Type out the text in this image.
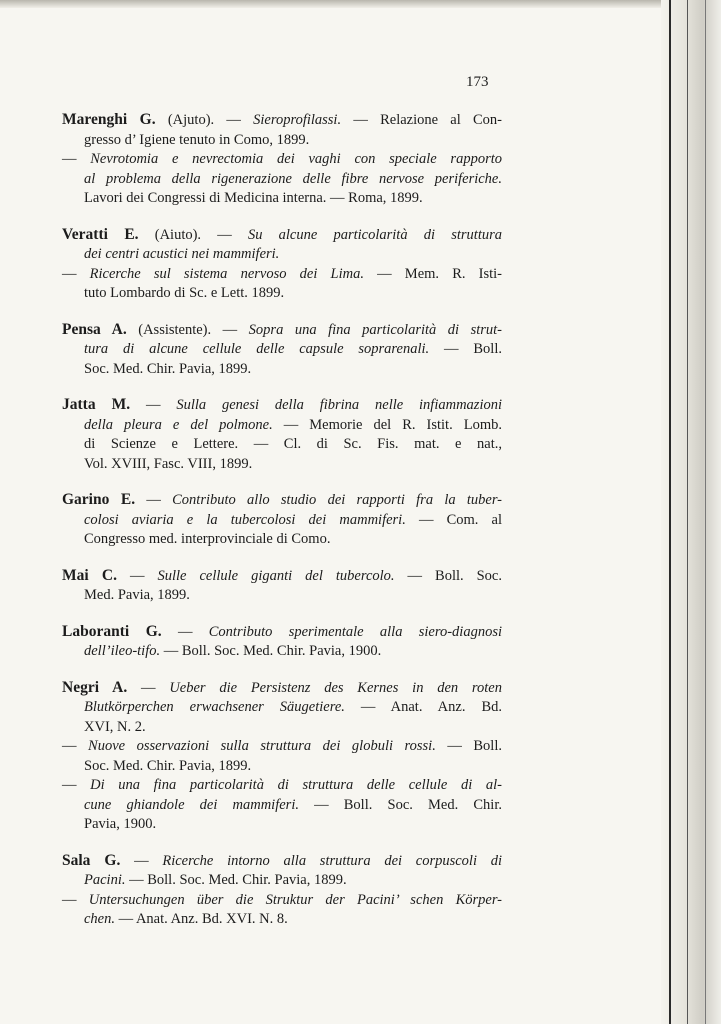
173
Marenghi G. (Ajuto). — Sieroprofilassi. — Relazione al Con-
gresso d’ Igiene tenuto in Como, 1899.
— Nevrotomia e nevrectomia dei vaghi con speciale rapporto
al problema della rigenerazione delle fibre nervose periferiche.
Lavori dei Congressi di Medicina interna. — Roma, 1899.
Veratti E. (Aiuto). — Su alcune particolarità di struttura
dei centri acustici nei mammiferi.
— Ricerche sul sistema nervoso dei Lima. — Mem. R. Isti-
tuto Lombardo di Sc. e Lett. 1899.
Pensa A. (Assistente). — Sopra una fina particolarità di strut-
tura di alcune cellule delle capsule soprarenali. — Boll.
Soc. Med. Chir. Pavia, 1899.
Jatta M. — Sulla genesi della fibrina nelle infiammazioni
della pleura e del polmone. — Memorie del R. Istit. Lomb.
di Scienze e Lettere. — Cl. di Sc. Fis. mat. e nat.,
Vol. XVIII, Fasc. VIII, 1899.
Garino E. — Contributo allo studio dei rapporti fra la tuber-
colosi aviaria e la tubercolosi dei mammiferi. — Com. al
Congresso med. interprovinciale di Como.
Mai C. — Sulle cellule giganti del tubercolo. — Boll. Soc.
Med. Pavia, 1899.
Laboranti G. — Contributo sperimentale alla siero-diagnosi
dell’ileo-tifo. — Boll. Soc. Med. Chir. Pavia, 1900.
Negri A. — Ueber die Persistenz des Kernes in den roten
Blutkörperchen erwachsener Säugetiere. — Anat. Anz. Bd.
XVI, N. 2.
— Nuove osservazioni sulla struttura dei globuli rossi. — Boll.
Soc. Med. Chir. Pavia, 1899.
— Di una fina particolarità di struttura delle cellule di al-
cune ghiandole dei mammiferi. — Boll. Soc. Med. Chir.
Pavia, 1900.
Sala G. — Ricerche intorno alla struttura dei corpuscoli di
Pacini. — Boll. Soc. Med. Chir. Pavia, 1899.
— Untersuchungen über die Struktur der Pacini’ schen Körper-
chen. — Anat. Anz. Bd. XVI. N. 8.
